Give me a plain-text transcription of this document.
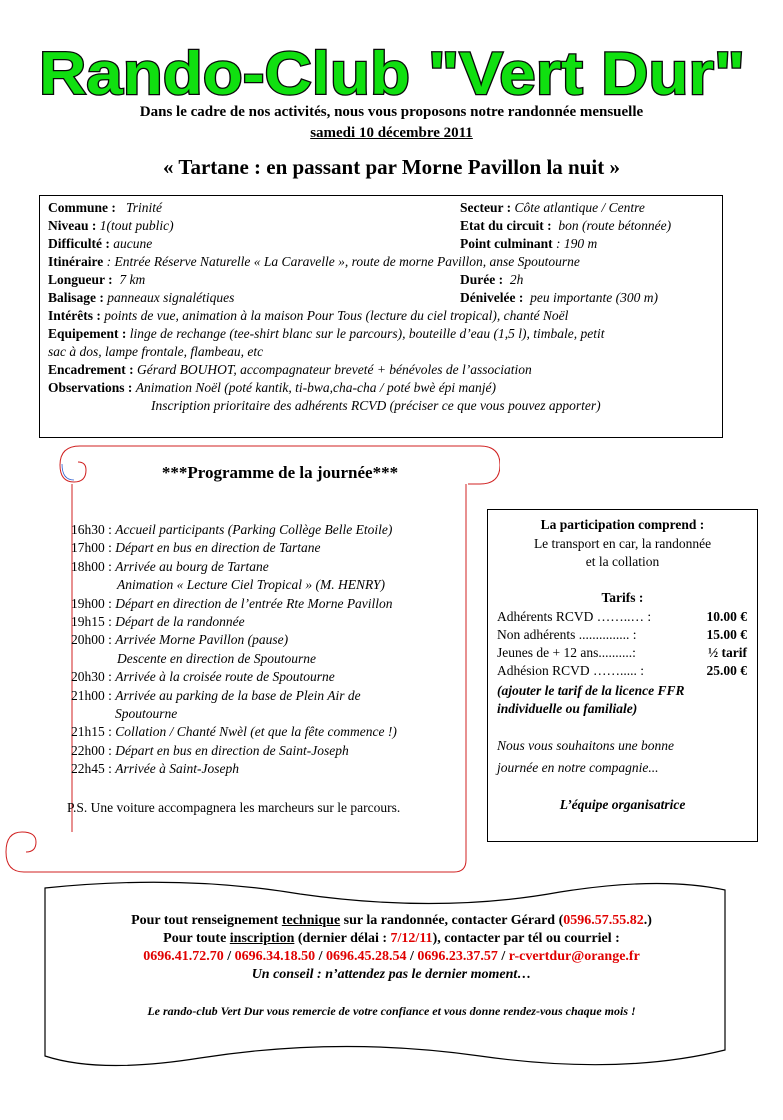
Rando-Club "Vert Dur"
Dans le cadre de nos activités, nous vous proposons notre randonnée mensuelle
samedi 10 décembre 2011
« Tartane : en passant par Morne Pavillon la nuit »
Commune : Trinité	Secteur : Côte atlantique / Centre
Niveau : 1(tout public)	Etat du circuit : bon (route bétonnée)
Difficulté : aucune	Point culminant : 190 m
Itinéraire : Entrée Réserve Naturelle « La Caravelle », route de morne Pavillon, anse Spoutourne
Longueur : 7 km	Durée : 2h
Balisage : panneaux signalétiques	Dénivelée : peu importante (300 m)
Intérêts : points de vue, animation à la maison Pour Tous (lecture du ciel tropical), chanté Noël
Equipement : linge de rechange (tee-shirt blanc sur le parcours), bouteille d’eau (1,5 l), timbale, petit
sac à dos, lampe frontale, flambeau, etc
Encadrement : Gérard BOUHOT, accompagnateur breveté + bénévoles de l’association
Observations : Animation Noël (poté kantik, ti-bwa,cha-cha / poté bwè épi manjé)
Inscription prioritaire des adhérents RCVD (préciser ce que vous pouvez apporter)
***Programme de la journée***
16h30 : Accueil participants (Parking Collège Belle Etoile)
17h00 : Départ en bus en direction de Tartane
18h00 : Arrivée au bourg de Tartane
Animation « Lecture Ciel Tropical » (M. HENRY)
19h00 : Départ en direction de l’entrée Rte Morne Pavillon
19h15 : Départ de la randonnée
20h00 : Arrivée Morne Pavillon (pause)
Descente en direction de Spoutourne
20h30 : Arrivée à la croisée route de Spoutourne
21h00 : Arrivée au parking de la base de Plein Air de
Spoutourne
21h15 : Collation / Chanté Nwèl (et que la fête commence !)
22h00 : Départ en bus en direction de Saint-Joseph
22h45 : Arrivée à Saint-Joseph
P.S. Une voiture accompagnera les marcheurs sur le parcours.
La participation comprend :
Le transport en car, la randonnée
et la collation
Tarifs :
Adhérents RCVD ……..… :	10.00 €
Non adhérents ............... :	15.00 €
Jeunes de + 12 ans..........:	½ tarif
Adhésion RCVD ……..... :	25.00 €
(ajouter le tarif de la licence FFR
individuelle ou familiale)
Nous vous souhaitons une bonne
journée en notre compagnie...
L’équipe organisatrice
Pour tout renseignement technique sur la randonnée, contacter Gérard (0596.57.55.82.)
Pour toute inscription (dernier délai : 7/12/11), contacter par tél ou courriel :
0696.41.72.70 / 0696.34.18.50 / 0696.45.28.54 / 0696.23.37.57 / r-cvertdur@orange.fr
Un conseil : n’attendez pas le dernier moment…
Le rando-club Vert Dur vous remercie de votre confiance et vous donne rendez-vous chaque mois !
